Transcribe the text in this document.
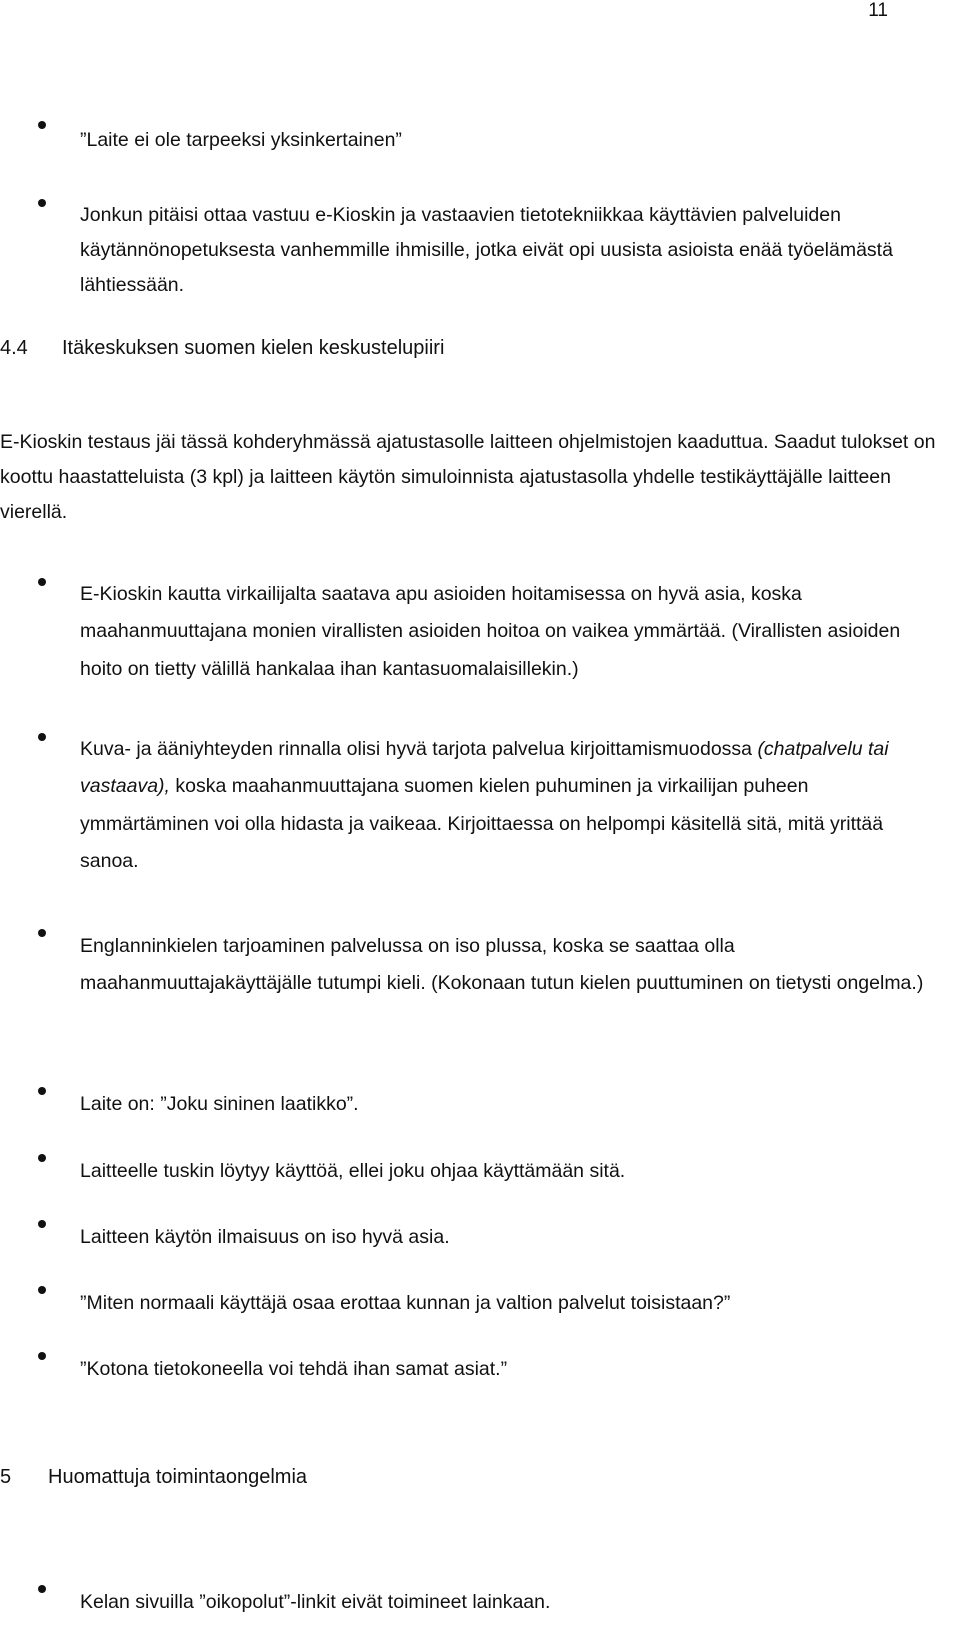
11

”Laite ei ole tarpeeksi yksinkertainen”

Jonkun pitäisi ottaa vastuu e-Kioskin ja vastaavien tietotekniikkaa käyttävien palveluiden käytännönopetuksesta vanhemmille ihmisille, jotka eivät opi uusista asioista enää työelämästä lähtiessään.

4.4	Itäkeskuksen suomen kielen keskustelupiiri

E-Kioskin testaus jäi tässä kohderyhmässä ajatustasolle laitteen ohjelmistojen kaaduttua. Saadut tulokset on koottu haastatteluista (3 kpl) ja laitteen käytön simuloinnista ajatustasolla yhdelle testikäyttäjälle laitteen vierellä.

E-Kioskin kautta virkailijalta saatava apu asioiden hoitamisessa on hyvä asia, koska maahanmuuttajana monien virallisten asioiden hoitoa on vaikea ymmärtää. (Virallisten asioiden hoito on tietty välillä hankalaa ihan kantasuomalaisillekin.)

Kuva- ja ääniyhteyden rinnalla olisi hyvä tarjota palvelua kirjoittamismuodossa (chatpalvelu tai vastaava), koska maahanmuuttajana suomen kielen puhuminen ja virkailijan puheen ymmärtäminen voi olla hidasta ja vaikeaa. Kirjoittaessa on helpompi käsitellä sitä, mitä yrittää sanoa.

Englanninkielen tarjoaminen palvelussa on iso plussa, koska se saattaa olla maahanmuuttajakäyttäjälle tutumpi kieli. (Kokonaan tutun kielen puuttuminen on tietysti ongelma.)

Laite on: ”Joku sininen laatikko”.

Laitteelle tuskin löytyy käyttöä, ellei joku ohjaa käyttämään sitä.

Laitteen käytön ilmaisuus on iso hyvä asia.

”Miten normaali käyttäjä osaa erottaa kunnan ja valtion palvelut toisistaan?”

”Kotona tietokoneella voi tehdä ihan samat asiat.”

5	Huomattuja toimintaongelmia

Kelan sivuilla ”oikopolut”-linkit eivät toimineet lainkaan.
